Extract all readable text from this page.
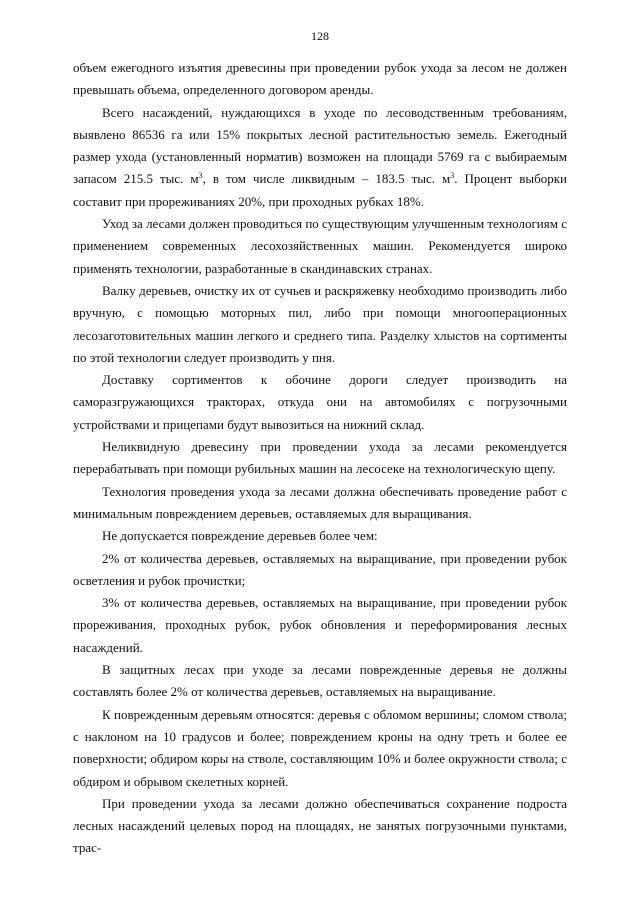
128

объем ежегодного изъятия древесины при проведении рубок ухода за лесом не должен превышать объема, определенного договором аренды.

Всего насаждений, нуждающихся в уходе по лесоводственным требованиям, выявлено 86536 га или 15% покрытых лесной растительностью земель. Ежегодный размер ухода (установленный норматив) возможен на площади 5769 га с выбираемым запасом 215.5 тыс. $м^3$, в том числе ликвидным – 183.5 тыс. $м^3$. Процент выборки составит при прореживаниях 20%, при проходных рубках 18%.

Уход за лесами должен проводиться по существующим улучшенным технологиям с применением современных лесохозяйственных машин. Рекомендуется широко применять технологии, разработанные в скандинавских странах.

Валку деревьев, очистку их от сучьев и раскряжевку необходимо производить либо вручную, с помощью моторных пил, либо при помощи многооперационных лесозаготовительных машин легкого и среднего типа. Разделку хлыстов на сортименты по этой технологии следует производить у пня.

Доставку сортиментов к обочине дороги следует производить на саморазгружающихся тракторах, откуда они на автомобилях с погрузочными устройствами и прицепами будут вывозиться на нижний склад.

Неликвидную древесину при проведении ухода за лесами рекомендуется перерабатывать при помощи рубильных машин на лесосеке на технологическую щепу.

Технология проведения ухода за лесами должна обеспечивать проведение работ с минимальным повреждением деревьев, оставляемых для выращивания.

Не допускается повреждение деревьев более чем:

2% от количества деревьев, оставляемых на выращивание, при проведении рубок осветления и рубок прочистки;

3% от количества деревьев, оставляемых на выращивание, при проведении рубок прореживания, проходных рубок, рубок обновления и переформирования лесных насаждений.

В защитных лесах при уходе за лесами поврежденные деревья не должны составлять более 2% от количества деревьев, оставляемых на выращивание.

К поврежденным деревьям относятся: деревья с обломом вершины; сломом ствола; с наклоном на 10 градусов и более; повреждением кроны на одну треть и более ее поверхности; обдиром коры на стволе, составляющим 10% и более окружности ствола; с обдиром и обрывом скелетных корней.

При проведении ухода за лесами должно обеспечиваться сохранение подроста лесных насаждений целевых пород на площадях, не занятых погрузочными пунктами, трас-
